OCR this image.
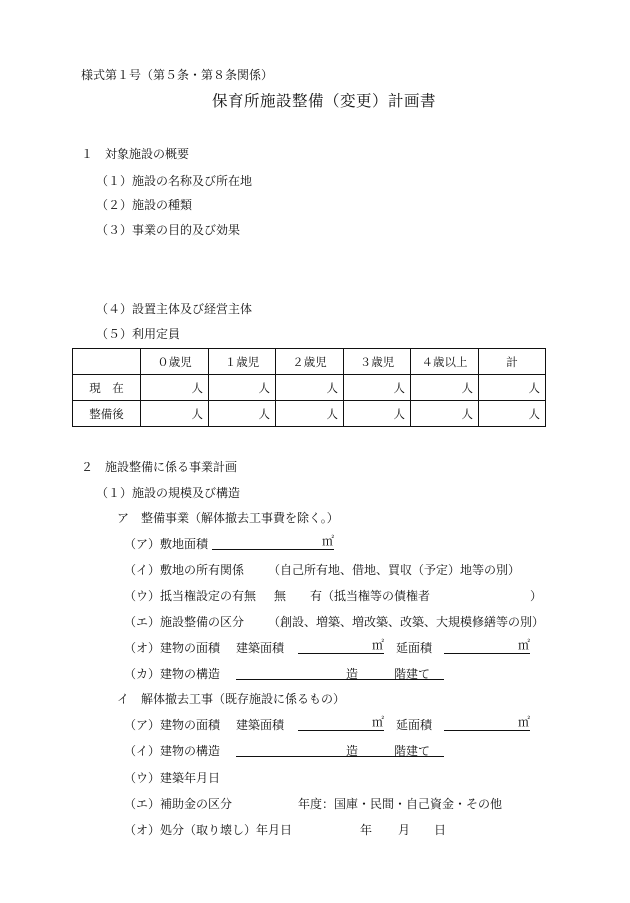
様式第１号（第５条・第８条関係）
保育所施設整備（変更）計画書
１　対象施設の概要
（１）施設の名称及び所在地
（２）施設の種類
（３）事業の目的及び効果
（４）設置主体及び経営主体
（５）利用定員
	０歳児	１歳児	２歳児	３歳児	４歳以上	計
現　在	人	人	人	人	人	人
整備後	人	人	人	人	人	人
２　施設整備に係る事業計画
（１）施設の規模及び構造
ア　整備事業（解体撤去工事費を除く。）
（ア）敷地面積	㎡
（イ）敷地の所有関係 （自己所有地、借地、買収（予定）地等の別）
（ウ）抵当権設定の有無 無 有（抵当権等の債権者	）
（エ）施設整備の区分 （創設、増築、増改築、改築、大規模修繕等の別）
（オ）建物の面積 建築面積	㎡ 延面積	㎡
（カ）建物の構造	造	階建て
イ　解体撤去工事（既存施設に係るもの）
（ア）建物の面積 建築面積	㎡ 延面積	㎡
（イ）建物の構造	造	階建て
（ウ）建築年月日
（エ）補助金の区分	年度：国庫・民間・自己資金・その他
（オ）処分（取り壊し）年月日	年 月 日
